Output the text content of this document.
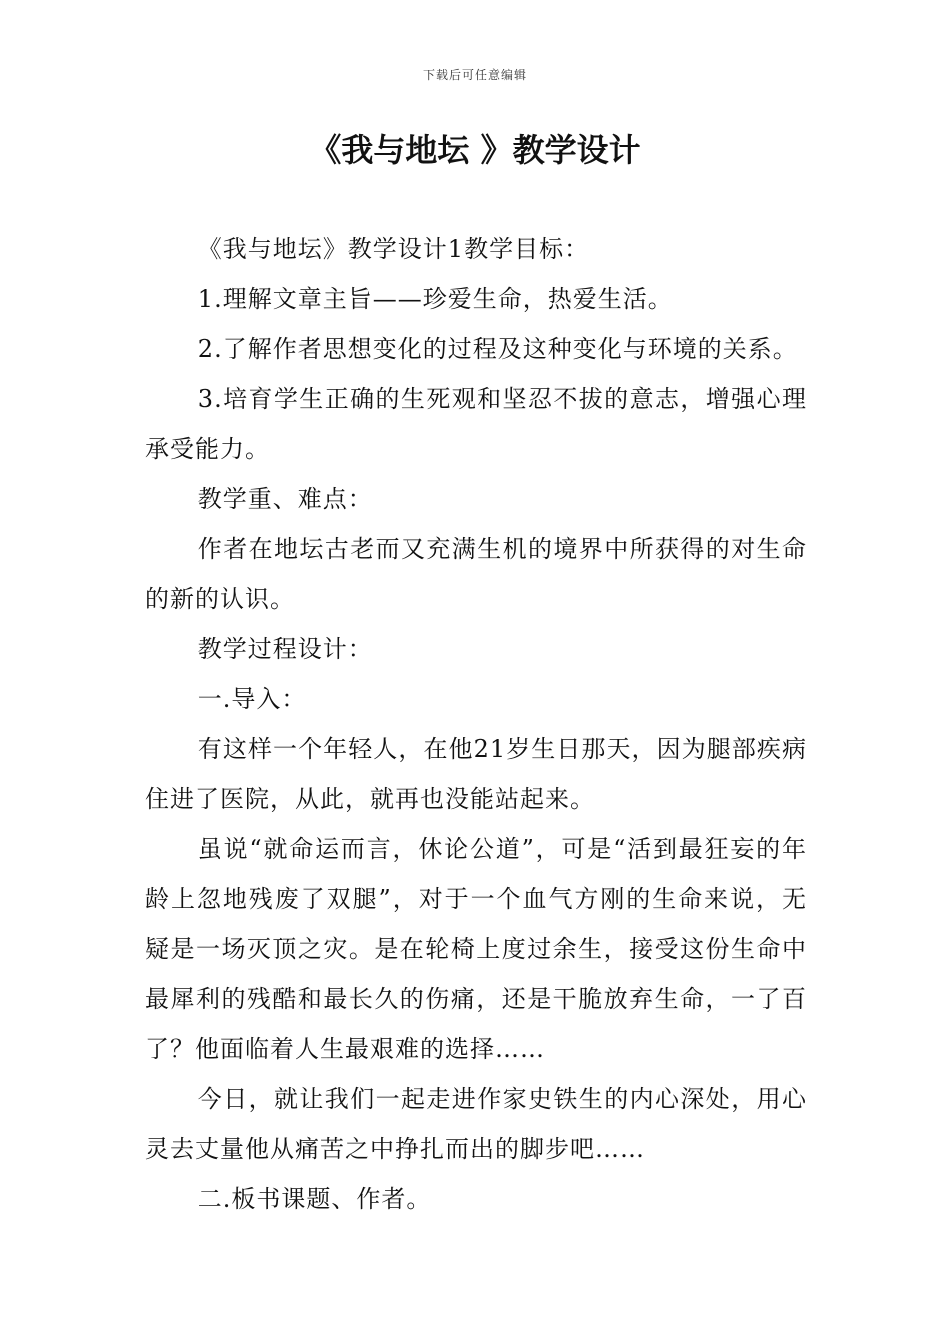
下载后可任意编辑
《我与地坛 》教学设计

《我与地坛》教学设计1教学目标：

1.理解文章主旨——珍爱生命，热爱生活。

2.了解作者思想变化的过程及这种变化与环境的关系。

3.培育学生正确的生死观和坚忍不拔的意志，增强心理承受能力。

教学重、难点：

作者在地坛古老而又充满生机的境界中所获得的对生命的新的认识。

教学过程设计：

一.导入：

有这样一个年轻人，在他21岁生日那天，因为腿部疾病住进了医院，从此，就再也没能站起来。

虽说“就命运而言，休论公道”，可是“活到最狂妄的年龄上忽地残废了双腿”，对于一个血气方刚的生命来说，无疑是一场灭顶之灾。是在轮椅上度过余生，接受这份生命中最犀利的残酷和最长久的伤痛，还是干脆放弃生命，一了百了？他面临着人生最艰难的选择……

今日，就让我们一起走进作家史铁生的内心深处，用心灵去丈量他从痛苦之中挣扎而出的脚步吧……

二.板书课题、作者。
